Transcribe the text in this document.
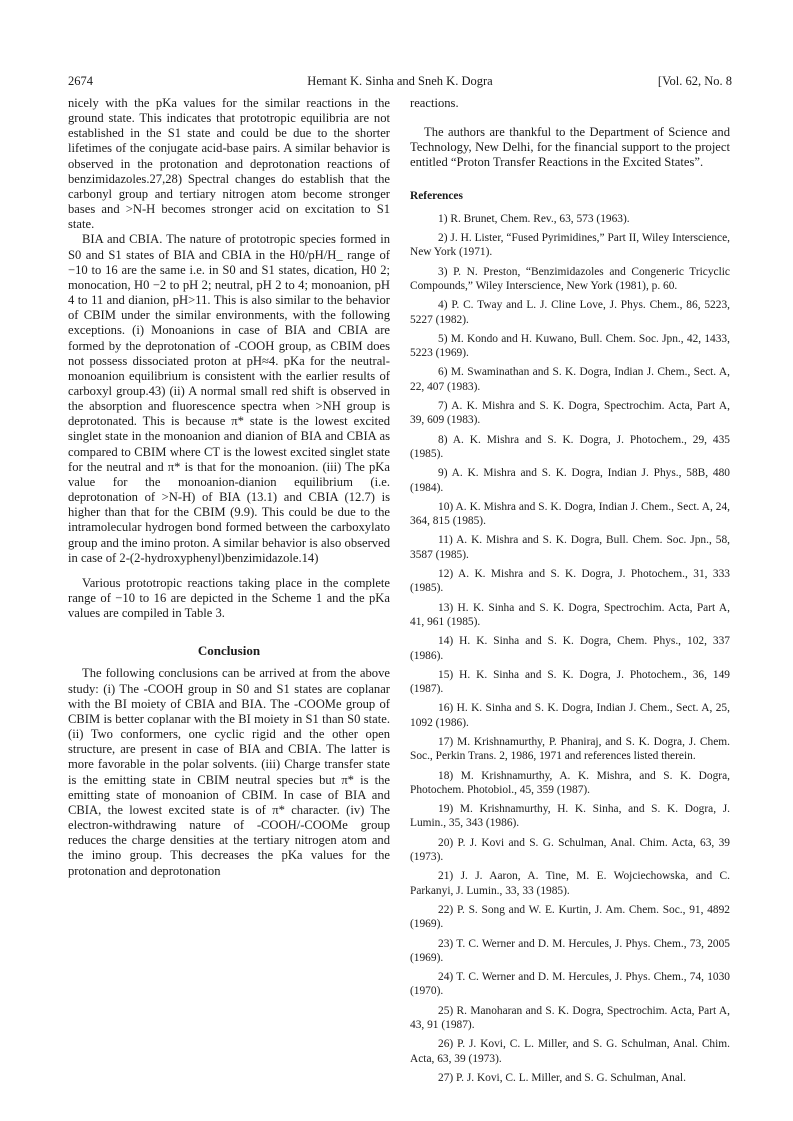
2674	Hemant K. Sinha and Sneh K. Dogra	[Vol. 62, No. 8

nicely with the pKa values for the similar reactions in the ground state. This indicates that prototropic equilibria are not established in the S1 state and could be due to the shorter lifetimes of the conjugate acid-base pairs. A similar behavior is observed in the protonation and deprotonation reactions of benzimidazoles.27,28) Spectral changes do establish that the carbonyl group and tertiary nitrogen atom become stronger bases and >N-H becomes stronger acid on excitation to S1 state.

BIA and CBIA. The nature of prototropic species formed in S0 and S1 states of BIA and CBIA in the H0/pH/H_ range of −10 to 16 are the same i.e. in S0 and S1 states, dication, H0 2; monocation, H0 −2 to pH 2; neutral, pH 2 to 4; monoanion, pH 4 to 11 and dianion, pH>11. This is also similar to the behavior of CBIM under the similar environments, with the following exceptions. (i) Monoanions in case of BIA and CBIA are formed by the deprotonation of -COOH group, as CBIM does not possess dissociated proton at pH≈4. pKa for the neutral-monoanion equilibrium is consistent with the earlier results of carboxyl group.43) (ii) A normal small red shift is observed in the absorption and fluorescence spectra when >NH group is deprotonated. This is because π* state is the lowest excited singlet state in the monoanion and dianion of BIA and CBIA as compared to CBIM where CT is the lowest excited singlet state for the neutral and π* is that for the monoanion. (iii) The pKa value for the monoanion-dianion equilibrium (i.e. deprotonation of >N-H) of BIA (13.1) and CBIA (12.7) is higher than that for the CBIM (9.9). This could be due to the intramolecular hydrogen bond formed between the carboxylato group and the imino proton. A similar behavior is also observed in case of 2-(2-hydroxyphenyl)benzimidazole.14)

Various prototropic reactions taking place in the complete range of −10 to 16 are depicted in the Scheme 1 and the pKa values are compiled in Table 3.

Conclusion

The following conclusions can be arrived at from the above study: (i) The -COOH group in S0 and S1 states are coplanar with the BI moiety of CBIA and BIA. The -COOMe group of CBIM is better coplanar with the BI moiety in S1 than S0 state. (ii) Two conformers, one cyclic rigid and the other open structure, are present in case of BIA and CBIA. The latter is more favorable in the polar solvents. (iii) Charge transfer state is the emitting state in CBIM neutral species but π* is the emitting state of monoanion of CBIM. In case of BIA and CBIA, the lowest excited state is of π* character. (iv) The electron-withdrawing nature of -COOH/-COOMe group reduces the charge densities at the tertiary nitrogen atom and the imino group. This decreases the pKa values for the protonation and deprotonation

reactions.

The authors are thankful to the Department of Science and Technology, New Delhi, for the financial support to the project entitled “Proton Transfer Reactions in the Excited States”.

References
1) R. Brunet, Chem. Rev., 63, 573 (1963).
2) J. H. Lister, “Fused Pyrimidines,” Part II, Wiley Interscience, New York (1971).
3) P. N. Preston, “Benzimidazoles and Congeneric Tricyclic Compounds,” Wiley Interscience, New York (1981), p. 60.
4) P. C. Tway and L. J. Cline Love, J. Phys. Chem., 86, 5223, 5227 (1982).
5) M. Kondo and H. Kuwano, Bull. Chem. Soc. Jpn., 42, 1433, 5223 (1969).
6) M. Swaminathan and S. K. Dogra, Indian J. Chem., Sect. A, 22, 407 (1983).
7) A. K. Mishra and S. K. Dogra, Spectrochim. Acta, Part A, 39, 609 (1983).
8) A. K. Mishra and S. K. Dogra, J. Photochem., 29, 435 (1985).
9) A. K. Mishra and S. K. Dogra, Indian J. Phys., 58B, 480 (1984).
10) A. K. Mishra and S. K. Dogra, Indian J. Chem., Sect. A, 24, 364, 815 (1985).
11) A. K. Mishra and S. K. Dogra, Bull. Chem. Soc. Jpn., 58, 3587 (1985).
12) A. K. Mishra and S. K. Dogra, J. Photochem., 31, 333 (1985).
13) H. K. Sinha and S. K. Dogra, Spectrochim. Acta, Part A, 41, 961 (1985).
14) H. K. Sinha and S. K. Dogra, Chem. Phys., 102, 337 (1986).
15) H. K. Sinha and S. K. Dogra, J. Photochem., 36, 149 (1987).
16) H. K. Sinha and S. K. Dogra, Indian J. Chem., Sect. A, 25, 1092 (1986).
17) M. Krishnamurthy, P. Phaniraj, and S. K. Dogra, J. Chem. Soc., Perkin Trans. 2, 1986, 1971 and references listed therein.
18) M. Krishnamurthy, A. K. Mishra, and S. K. Dogra, Photochem. Photobiol., 45, 359 (1987).
19) M. Krishnamurthy, H. K. Sinha, and S. K. Dogra, J. Lumin., 35, 343 (1986).
20) P. J. Kovi and S. G. Schulman, Anal. Chim. Acta, 63, 39 (1973).
21) J. J. Aaron, A. Tine, M. E. Wojciechowska, and C. Parkanyi, J. Lumin., 33, 33 (1985).
22) P. S. Song and W. E. Kurtin, J. Am. Chem. Soc., 91, 4892 (1969).
23) T. C. Werner and D. M. Hercules, J. Phys. Chem., 73, 2005 (1969).
24) T. C. Werner and D. M. Hercules, J. Phys. Chem., 74, 1030 (1970).
25) R. Manoharan and S. K. Dogra, Spectrochim. Acta, Part A, 43, 91 (1987).
26) P. J. Kovi, C. L. Miller, and S. G. Schulman, Anal. Chim. Acta, 63, 39 (1973).
27) P. J. Kovi, C. L. Miller, and S. G. Schulman, Anal.
